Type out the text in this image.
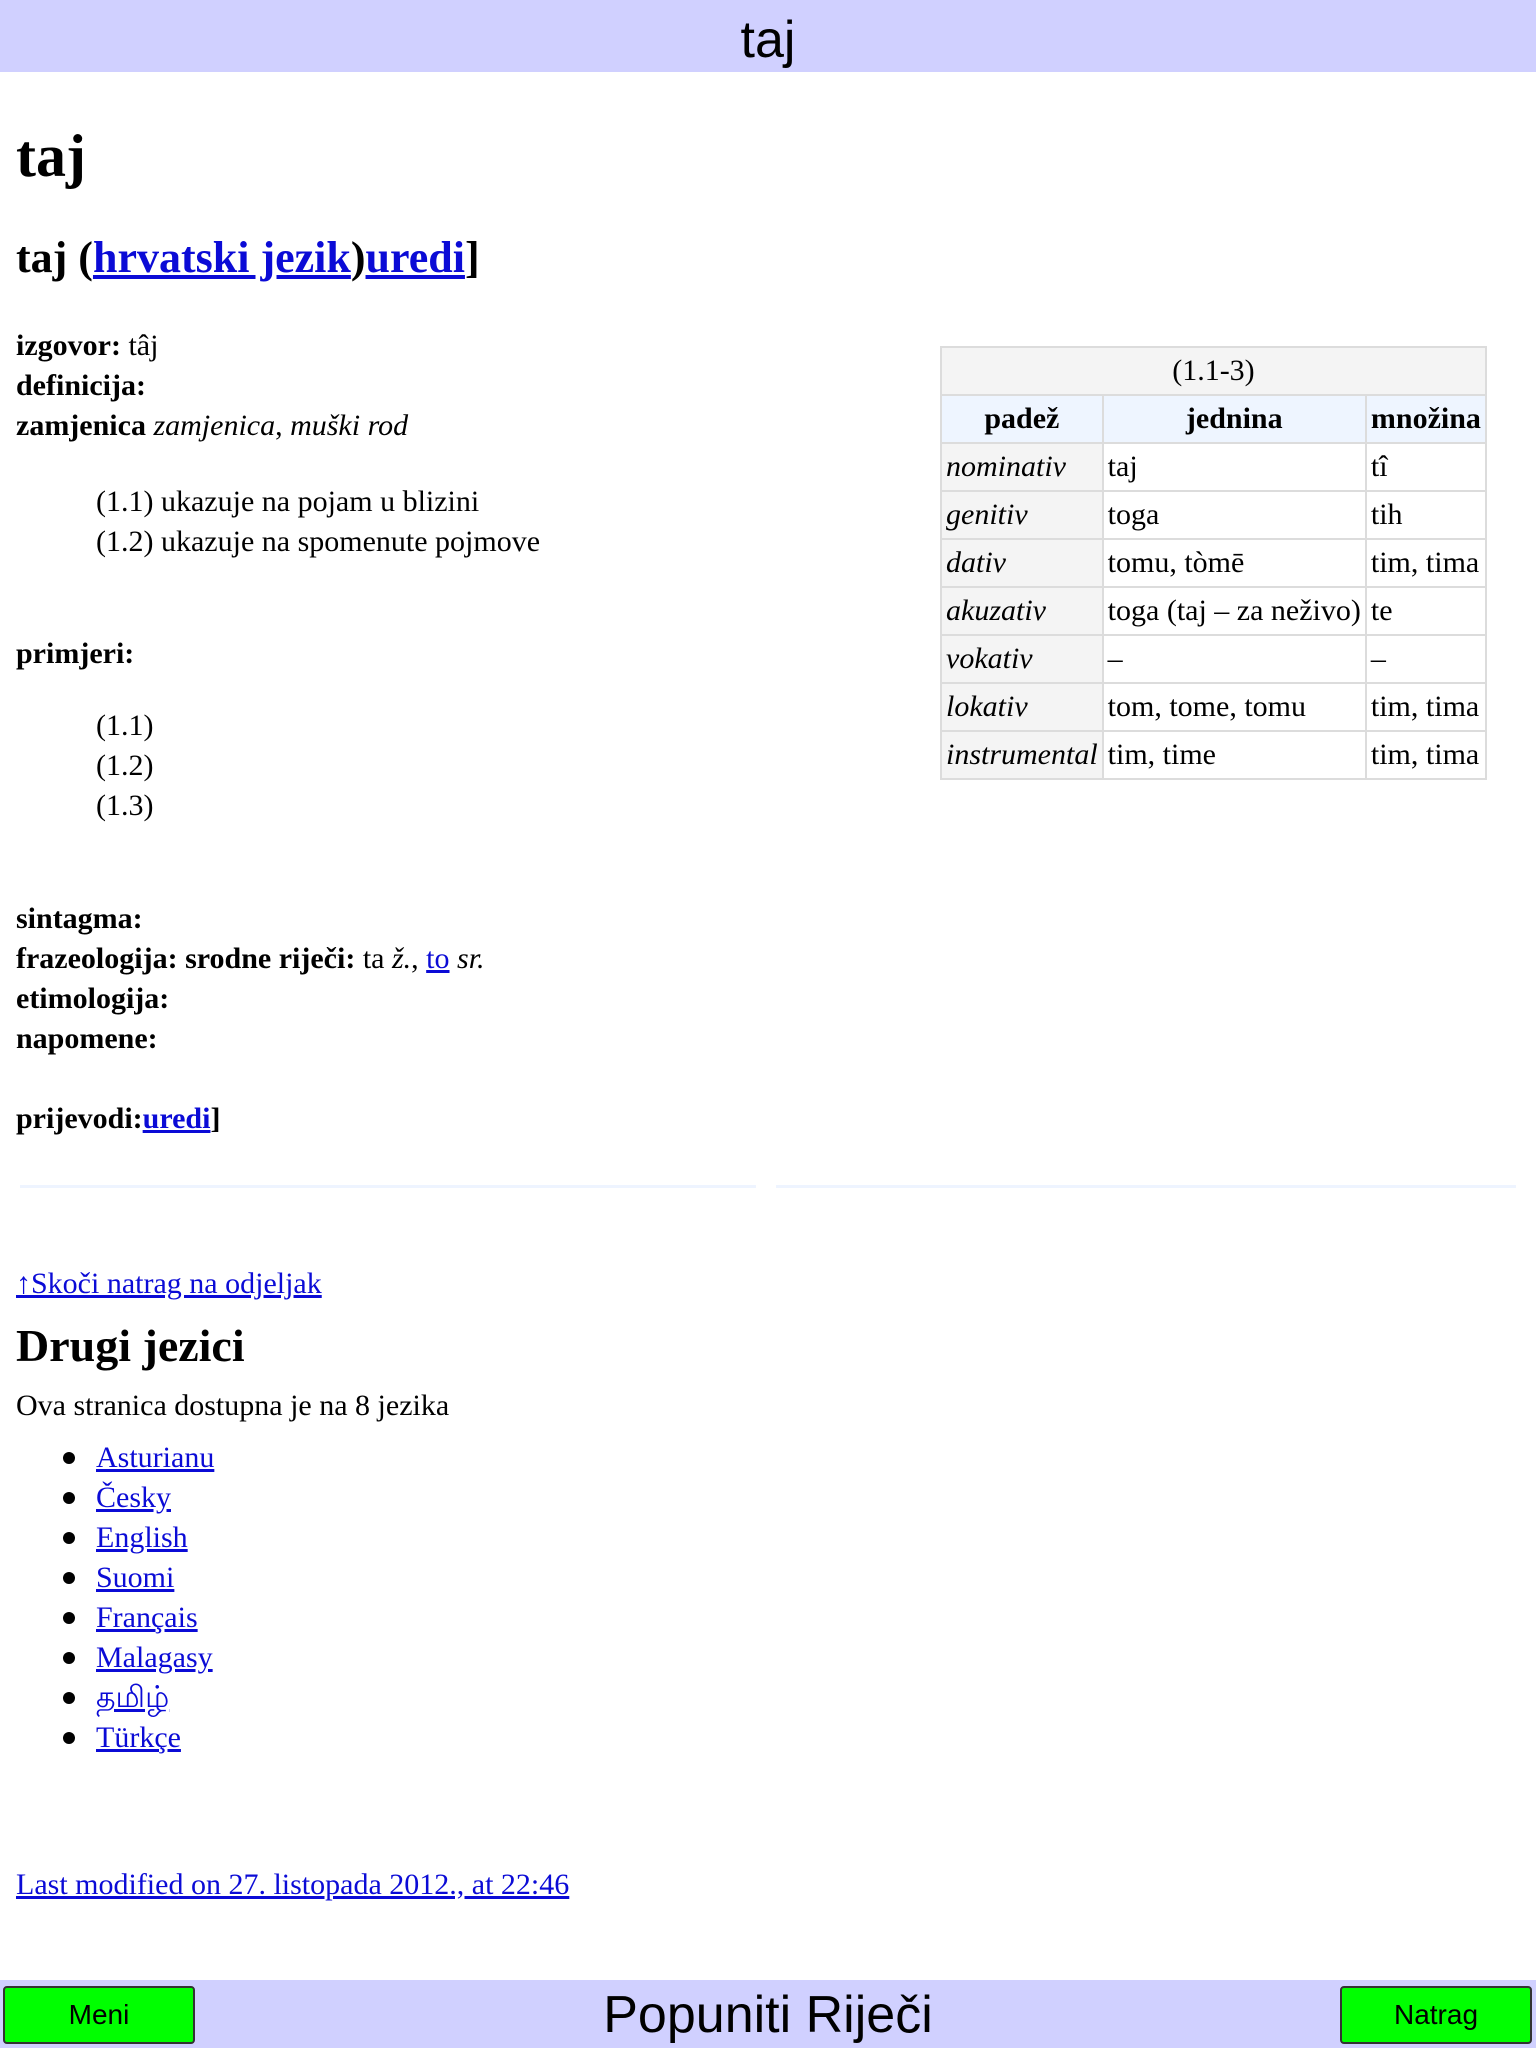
taj
taj
taj (hrvatski jezik)uredi]
izgovor: tâj
definicija:
zamjenica zamjenica, muški rod
(1.1) ukazuje na pojam u blizini
(1.2) ukazuje na spomenute pojmove
primjeri:
(1.1)
(1.2)
(1.3)
sintagma:
frazeologija: srodne riječi: ta ž., to sr.
etimologija:
napomene:
prijevodi:uredi]
(1.1-3)		
padež	jednina	množina
nominativ	taj	tî
genitiv	toga	tih
dativ	tomu, tòmē	tim, tima
akuzativ	toga (taj – za neživo)	te
vokativ	–	–
lokativ	tom, tome, tomu	tim, tima
instrumental	tim, time	tim, tima
↑Skoči natrag na odjeljak
Drugi jezici
Ova stranica dostupna je na 8 jezika
Asturianu
Česky
English
Suomi
Français
Malagasy
தமிழ்
Türkçe
Last modified on 27. listopada 2012., at 22:46
Popuniti Riječi
Meni	Natrag
